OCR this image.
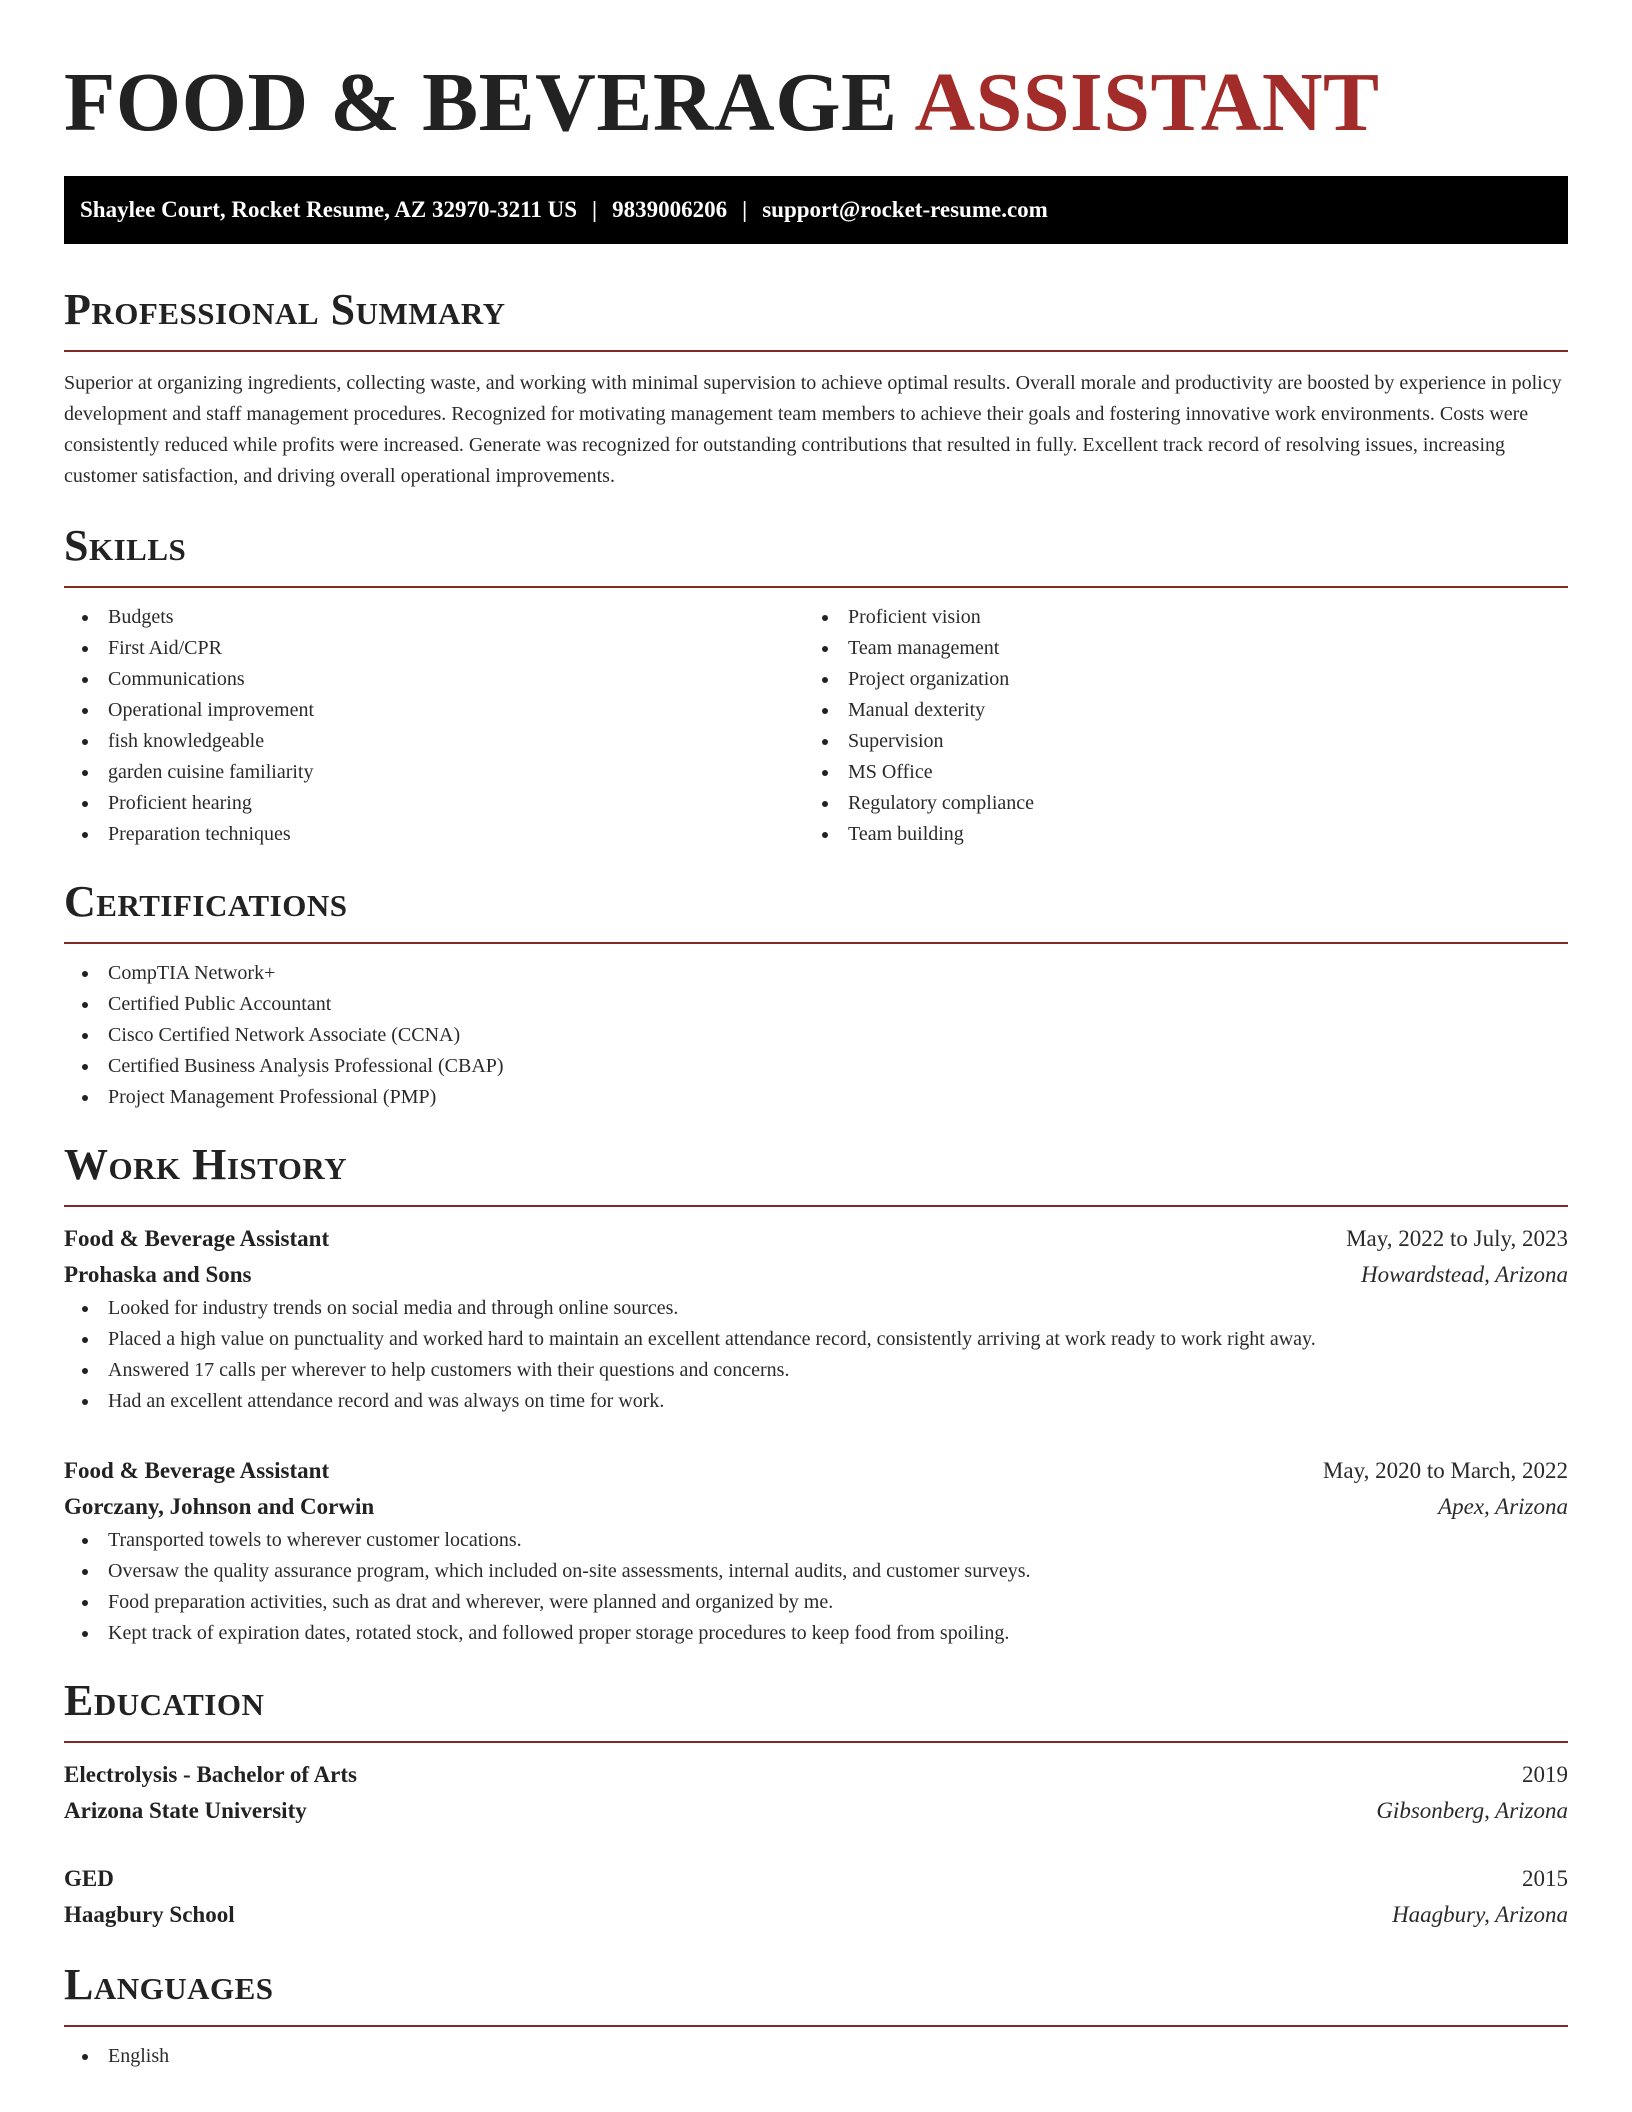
FOOD & BEVERAGE ASSISTANT
Shaylee Court, Rocket Resume, AZ 32970-3211 US | 9839006206 | support@rocket-resume.com
Professional Summary

Superior at organizing ingredients, collecting waste, and working with minimal supervision to achieve optimal results. Overall morale and productivity are boosted by experience in policy development and staff management procedures. Recognized for motivating management team members to achieve their goals and fostering innovative work environments. Costs were consistently reduced while profits were increased. Generate was recognized for outstanding contributions that resulted in fully. Excellent track record of resolving issues, increasing customer satisfaction, and driving overall operational improvements.

Skills
Budgets
First Aid/CPR
Communications
Operational improvement
fish knowledgeable
garden cuisine familiarity
Proficient hearing
Preparation techniques
Proficient vision
Team management
Project organization
Manual dexterity
Supervision
MS Office
Regulatory compliance
Team building
Certifications
CompTIA Network+
Certified Public Accountant
Cisco Certified Network Associate (CCNA)
Certified Business Analysis Professional (CBAP)
Project Management Professional (PMP)
Work History
Food & Beverage Assistant	May, 2022 to July, 2023
Prohaska and Sons	Howardstead, Arizona
Looked for industry trends on social media and through online sources.
Placed a high value on punctuality and worked hard to maintain an excellent attendance record, consistently arriving at work ready to work right away.
Answered 17 calls per wherever to help customers with their questions and concerns.
Had an excellent attendance record and was always on time for work.
Food & Beverage Assistant	May, 2020 to March, 2022
Gorczany, Johnson and Corwin	Apex, Arizona
Transported towels to wherever customer locations.
Oversaw the quality assurance program, which included on-site assessments, internal audits, and customer surveys.
Food preparation activities, such as drat and wherever, were planned and organized by me.
Kept track of expiration dates, rotated stock, and followed proper storage procedures to keep food from spoiling.
Education
Electrolysis - Bachelor of Arts	2019
Arizona State University	Gibsonberg, Arizona
GED	2015
Haagbury School	Haagbury, Arizona
Languages
English
